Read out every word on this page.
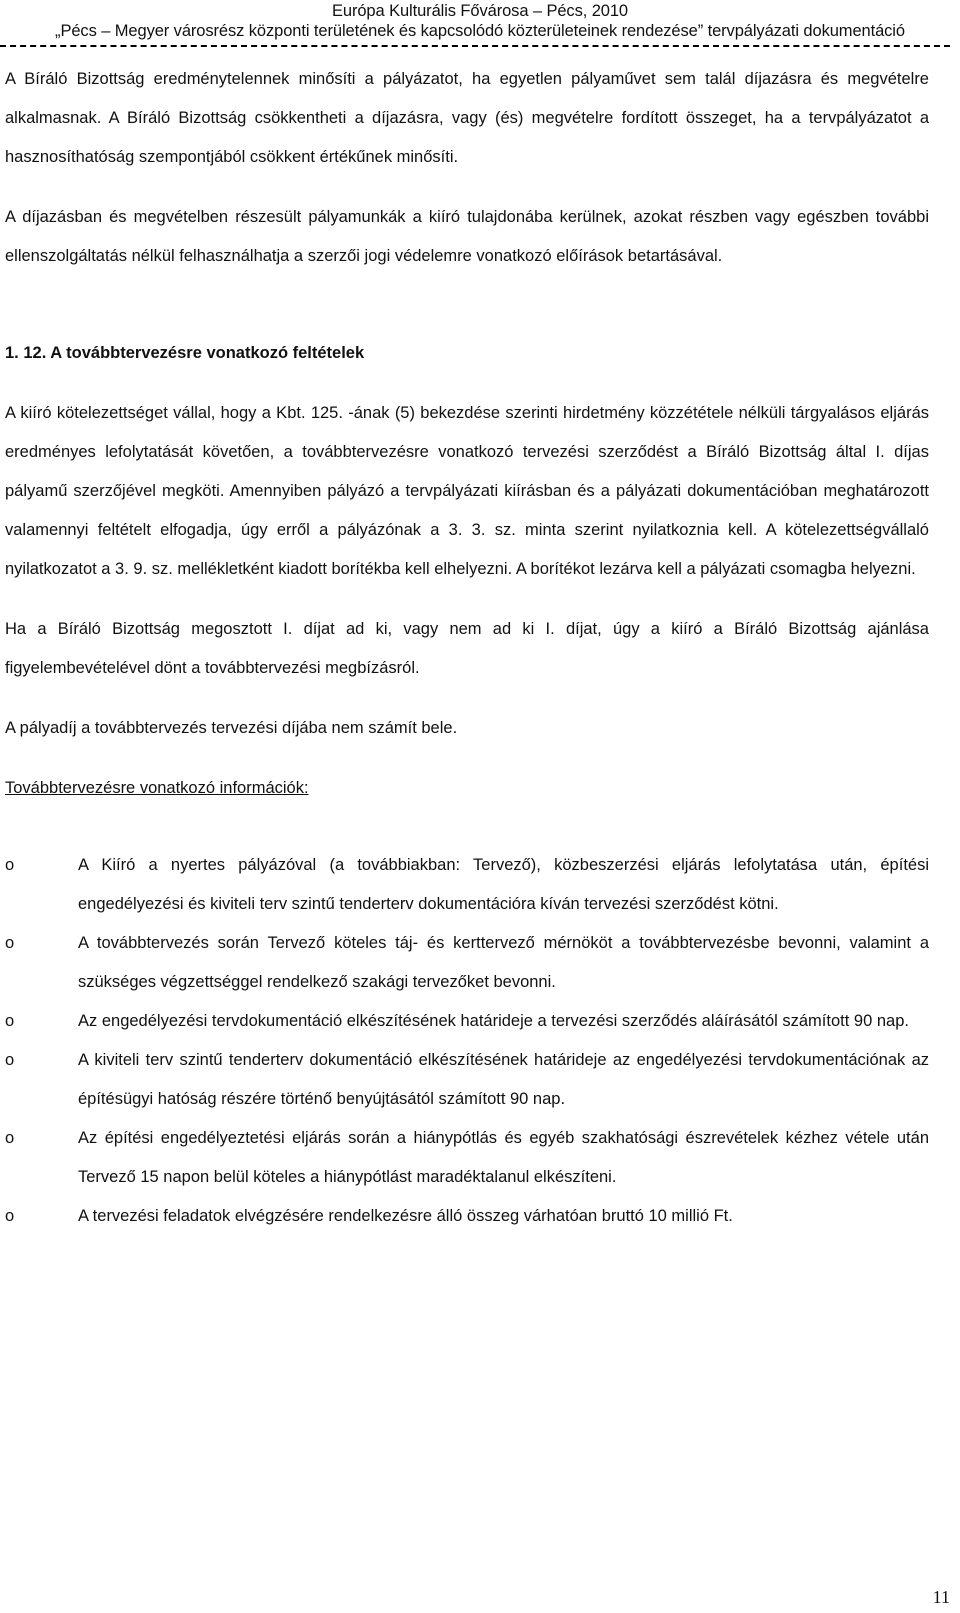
Európa Kulturális Fővárosa – Pécs, 2010
„Pécs – Megyer városrész központi területének és kapcsolódó közterületeinek rendezése” tervpályázati dokumentáció

A Bíráló Bizottság eredménytelennek minősíti a pályázatot, ha egyetlen pályaművet sem talál díjazásra és megvételre alkalmasnak. A Bíráló Bizottság csökkentheti a díjazásra, vagy (és) megvételre fordított összeget, ha a tervpályázatot a hasznosíthatóság szempontjából csökkent értékűnek minősíti.

A díjazásban és megvételben részesült pályamunkák a kiíró tulajdonába kerülnek, azokat részben vagy egészben további ellenszolgáltatás nélkül felhasználhatja a szerzői jogi védelemre vonatkozó előírások betartásával.

1. 12. A továbbtervezésre vonatkozó feltételek

A kiíró kötelezettséget vállal, hogy a Kbt. 125. -ának (5) bekezdése szerinti hirdetmény közzététele nélküli tárgyalásos eljárás eredményes lefolytatását követően, a továbbtervezésre vonatkozó tervezési szerződést a Bíráló Bizottság által I. díjas pályamű szerzőjével megköti. Amennyiben pályázó a tervpályázati kiírásban és a pályázati dokumentációban meghatározott valamennyi feltételt elfogadja, úgy erről a pályázónak a 3. 3. sz. minta szerint nyilatkoznia kell. A kötelezettségvállaló nyilatkozatot a 3. 9. sz. mellékletként kiadott borítékba kell elhelyezni. A borítékot lezárva kell a pályázati csomagba helyezni.

Ha a Bíráló Bizottság megosztott I. díjat ad ki, vagy nem ad ki I. díjat, úgy a kiíró a Bíráló Bizottság ajánlása figyelembevételével dönt a továbbtervezési megbízásról.

A pályadíj a továbbtervezés tervezési díjába nem számít bele.

Továbbtervezésre vonatkozó információk:

o	A Kiíró a nyertes pályázóval (a továbbiakban: Tervező), közbeszerzési eljárás lefolytatása után, építési engedélyezési és kiviteli terv szintű tenderterv dokumentációra kíván tervezési szerződést kötni.
o	A továbbtervezés során Tervező köteles táj- és kerttervező mérnököt a továbbtervezésbe bevonni, valamint a szükséges végzettséggel rendelkező szakági tervezőket bevonni.
o	Az engedélyezési tervdokumentáció elkészítésének határideje a tervezési szerződés aláírásától számított 90 nap.
o	A kiviteli terv szintű tenderterv dokumentáció elkészítésének határideje az engedélyezési tervdokumentációnak az építésügyi hatóság részére történő benyújtásától számított 90 nap.
o	Az építési engedélyeztetési eljárás során a hiánypótlás és egyéb szakhatósági észrevételek kézhez vétele után Tervező 15 napon belül köteles a hiánypótlást maradéktalanul elkészíteni.
o	A tervezési feladatok elvégzésére rendelkezésre álló összeg várhatóan bruttó 10 millió Ft.
11
